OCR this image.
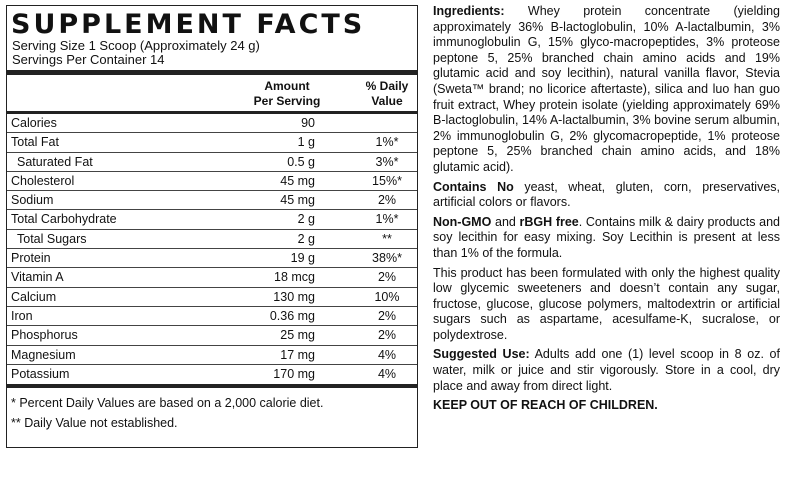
SUPPLEMENT FACTS
Serving Size 1 Scoop (Approximately 24 g)
Servings Per Container 14
Amount
Per Serving
% Daily
Value
Calories	90
Total Fat	1 g	1%*
Saturated Fat	0.5 g	3%*
Cholesterol	45 mg	15%*
Sodium	45 mg	2%
Total Carbohydrate	2 g	1%*
Total Sugars	2 g	**
Protein	19 g	38%*
Vitamin A	18 mcg	2%
Calcium	130 mg	10%
Iron	0.36 mg	2%
Phosphorus	25 mg	2%
Magnesium	17 mg	4%
Potassium	170 mg	4%
* Percent Daily Values are based on a 2,000 calorie diet.
** Daily Value not established.

Ingredients: Whey protein concentrate (yielding approximately 36% B-lactoglobulin, 10% A-lactalbumin, 3% immunoglobulin G, 15% glyco-macropeptides, 3% proteose peptone 5, 25% branched chain amino acids and 19% glutamic acid and soy lecithin), natural vanilla flavor, Stevia (Sweta™ brand; no licorice aftertaste), silica and luo han guo fruit extract, Whey protein isolate (yielding approximately 69% B-lactoglobulin, 14% A-lactalbumin, 3% bovine serum albumin, 2% immunoglobulin G, 2% glycomacropeptide, 1% proteose peptone 5, 25% branched chain amino acids, and 18% glutamic acid).

Contains No yeast, wheat, gluten, corn, preservatives, artificial colors or flavors.

Non-GMO and rBGH free. Contains milk & dairy products and soy lecithin for easy mixing. Soy Lecithin is present at less than 1% of the formula.

This product has been formulated with only the highest quality low glycemic sweeteners and doesn’t contain any sugar, fructose, glucose, glucose polymers, maltodextrin or artificial sugars such as aspartame, acesulfame-K, sucralose, or polydextrose.

Suggested Use: Adults add one (1) level scoop in 8 oz. of water, milk or juice and stir vigorously. Store in a cool, dry place and away from direct light.

KEEP OUT OF REACH OF CHILDREN.
